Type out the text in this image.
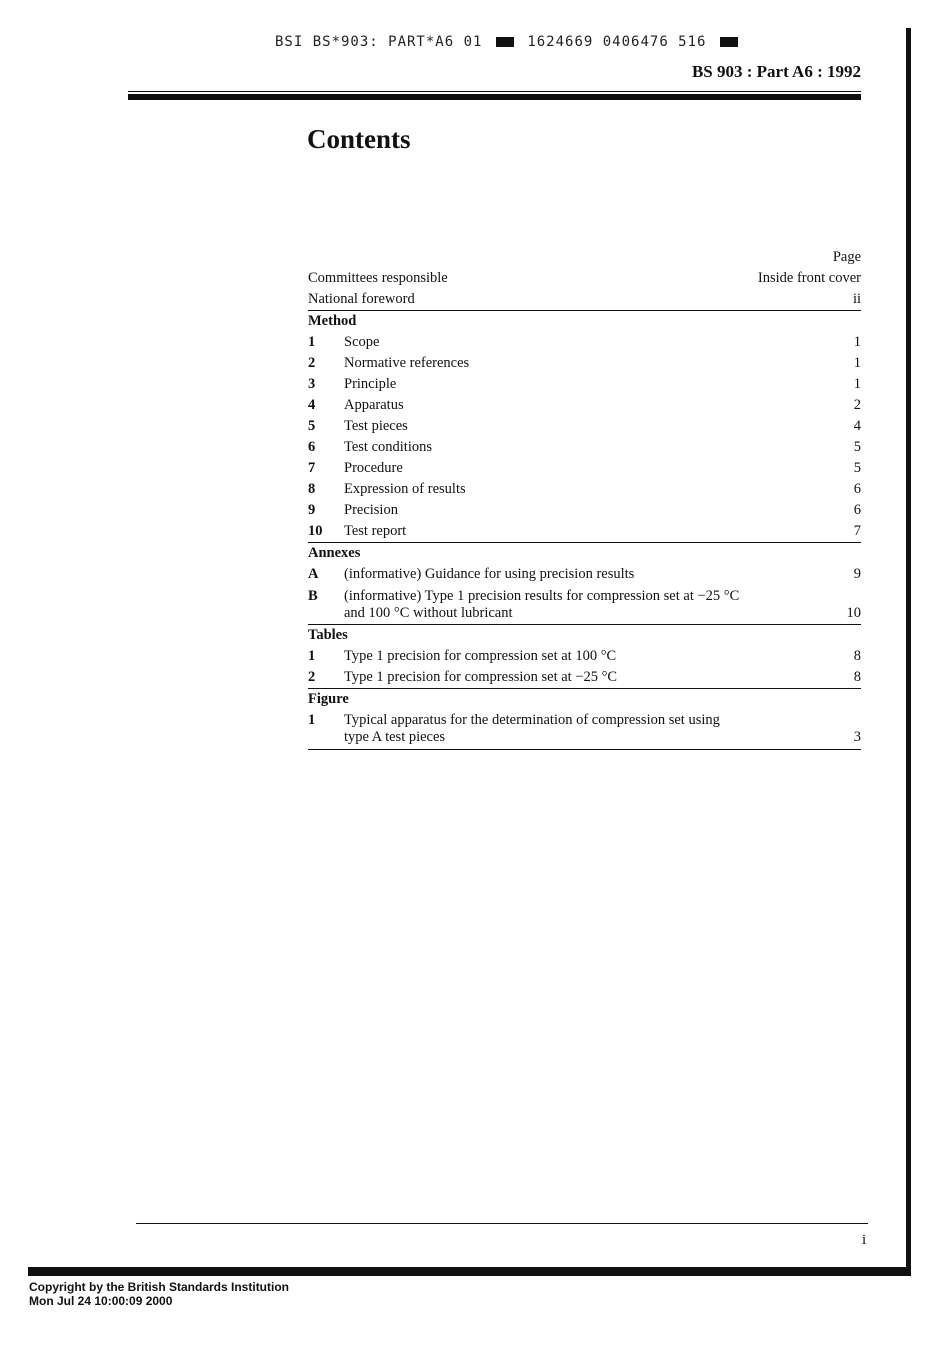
BSI BS*903: PART*A6 01	1624669 0406476 516
BS 903 : Part A6 : 1992
Contents
Page
Committees responsible	Inside front cover
National foreword	ii
Method
1	Scope	1
2	Normative references	1
3	Principle	1
4	Apparatus	2
5	Test pieces	4
6	Test conditions	5
7	Procedure	5
8	Expression of results	6
9	Precision	6
10	Test report	7
Annexes
A	(informative) Guidance for using precision results	9
B	(informative) Type 1 precision results for compression set at −25 °C
and 100 °C without lubricant	10
Tables
1	Type 1 precision for compression set at 100 °C	8
2	Type 1 precision for compression set at −25 °C	8
Figure
1	Typical apparatus for the determination of compression set using
type A test pieces	3
i
Copyright by the British Standards Institution
Mon Jul 24 10:00:09 2000
